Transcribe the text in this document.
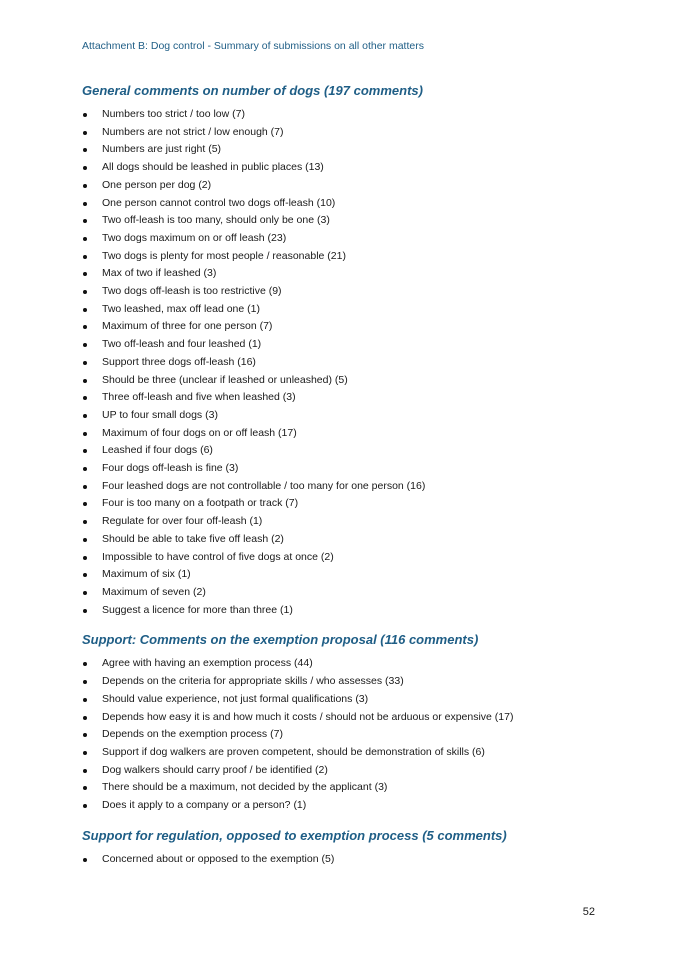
Attachment B: Dog control - Summary of submissions on all other matters
General comments on number of dogs (197 comments)
Numbers too strict / too low (7)
Numbers are not strict / low enough (7)
Numbers are just right (5)
All dogs should be leashed in public places (13)
One person per dog (2)
One person cannot control two dogs off-leash (10)
Two off-leash is too many, should only be one (3)
Two dogs maximum on or off leash (23)
Two dogs is plenty for most people / reasonable (21)
Max of two if leashed (3)
Two dogs off-leash is too restrictive (9)
Two leashed, max off lead one (1)
Maximum of three for one person (7)
Two off-leash and four leashed (1)
Support three dogs off-leash (16)
Should be three (unclear if leashed or unleashed) (5)
Three off-leash and five when leashed (3)
UP to four small dogs (3)
Maximum of four dogs on or off leash (17)
Leashed if four dogs (6)
Four dogs off-leash is fine (3)
Four leashed dogs are not controllable / too many for one person (16)
Four is too many on a footpath or track (7)
Regulate for over four off-leash (1)
Should be able to take five off leash (2)
Impossible to have control of five dogs at once (2)
Maximum of six (1)
Maximum of seven (2)
Suggest a licence for more than three (1)
Support: Comments on the exemption proposal (116 comments)
Agree with having an exemption process (44)
Depends on the criteria for appropriate skills / who assesses (33)
Should value experience, not just formal qualifications (3)
Depends how easy it is and how much it costs / should not be arduous or expensive (17)
Depends on the exemption process (7)
Support if dog walkers are proven competent, should be demonstration of skills (6)
Dog walkers should carry proof / be identified (2)
There should be a maximum, not decided by the applicant (3)
Does it apply to a company or a person? (1)
Support for regulation, opposed to exemption process (5 comments)
Concerned about or opposed to the exemption (5)
52
